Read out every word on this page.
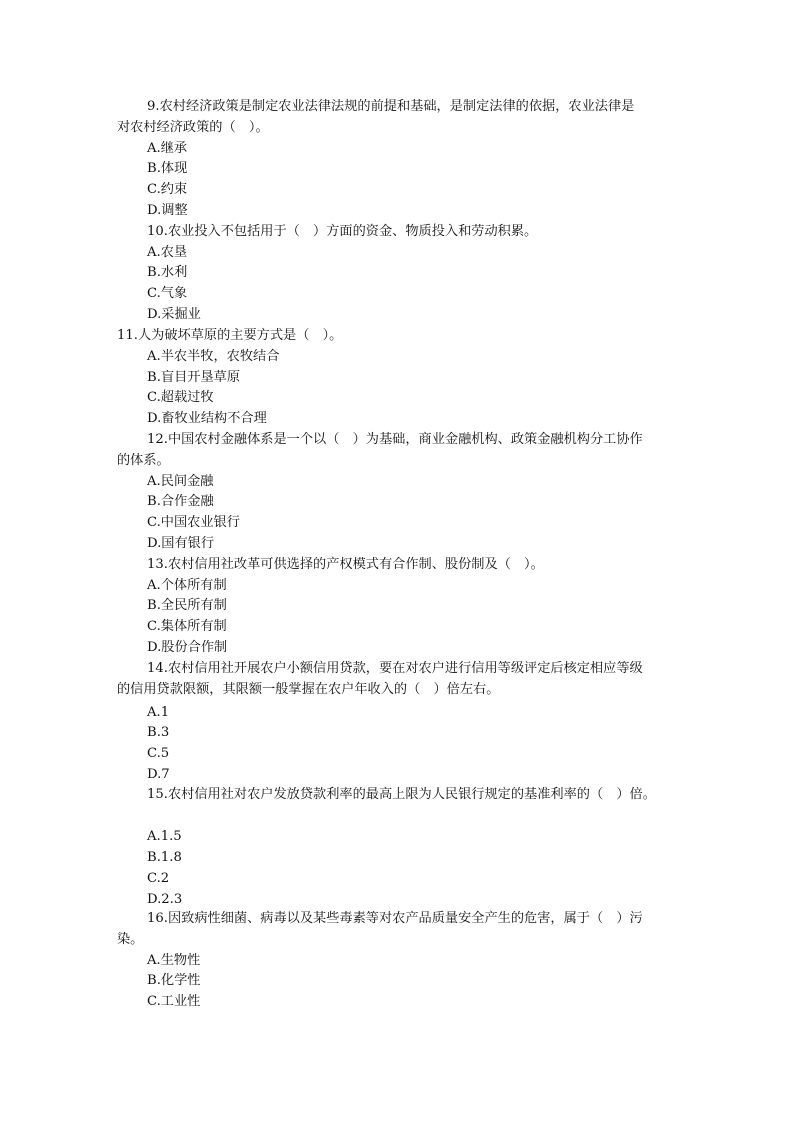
9.农村经济政策是制定农业法律法规的前提和基础，是制定法律的依据，农业法律是
对农村经济政策的（　）。
A.继承
B.体现
C.约束
D.调整
10.农业投入不包括用于（　）方面的资金、物质投入和劳动积累。
A.农垦
B.水利
C.气象
D.采掘业
11.人为破坏草原的主要方式是（　）。
A.半农半牧，农牧结合
B.盲目开垦草原
C.超载过牧
D.畜牧业结构不合理
12.中国农村金融体系是一个以（　）为基础，商业金融机构、政策金融机构分工协作
的体系。
A.民间金融
B.合作金融
C.中国农业银行
D.国有银行
13.农村信用社改革可供选择的产权模式有合作制、股份制及（　）。
A.个体所有制
B.全民所有制
C.集体所有制
D.股份合作制
14.农村信用社开展农户小额信用贷款，要在对农户进行信用等级评定后核定相应等级
的信用贷款限额，其限额一般掌握在农户年收入的（　）倍左右。
A.1
B.3
C.5
D.7
15.农村信用社对农户发放贷款利率的最高上限为人民银行规定的基准利率的（　）倍。
A.1.5
B.1.8
C.2
D.2.3
16.因致病性细菌、病毒以及某些毒素等对农产品质量安全产生的危害，属于（　）污
染。
A.生物性
B.化学性
C.工业性
